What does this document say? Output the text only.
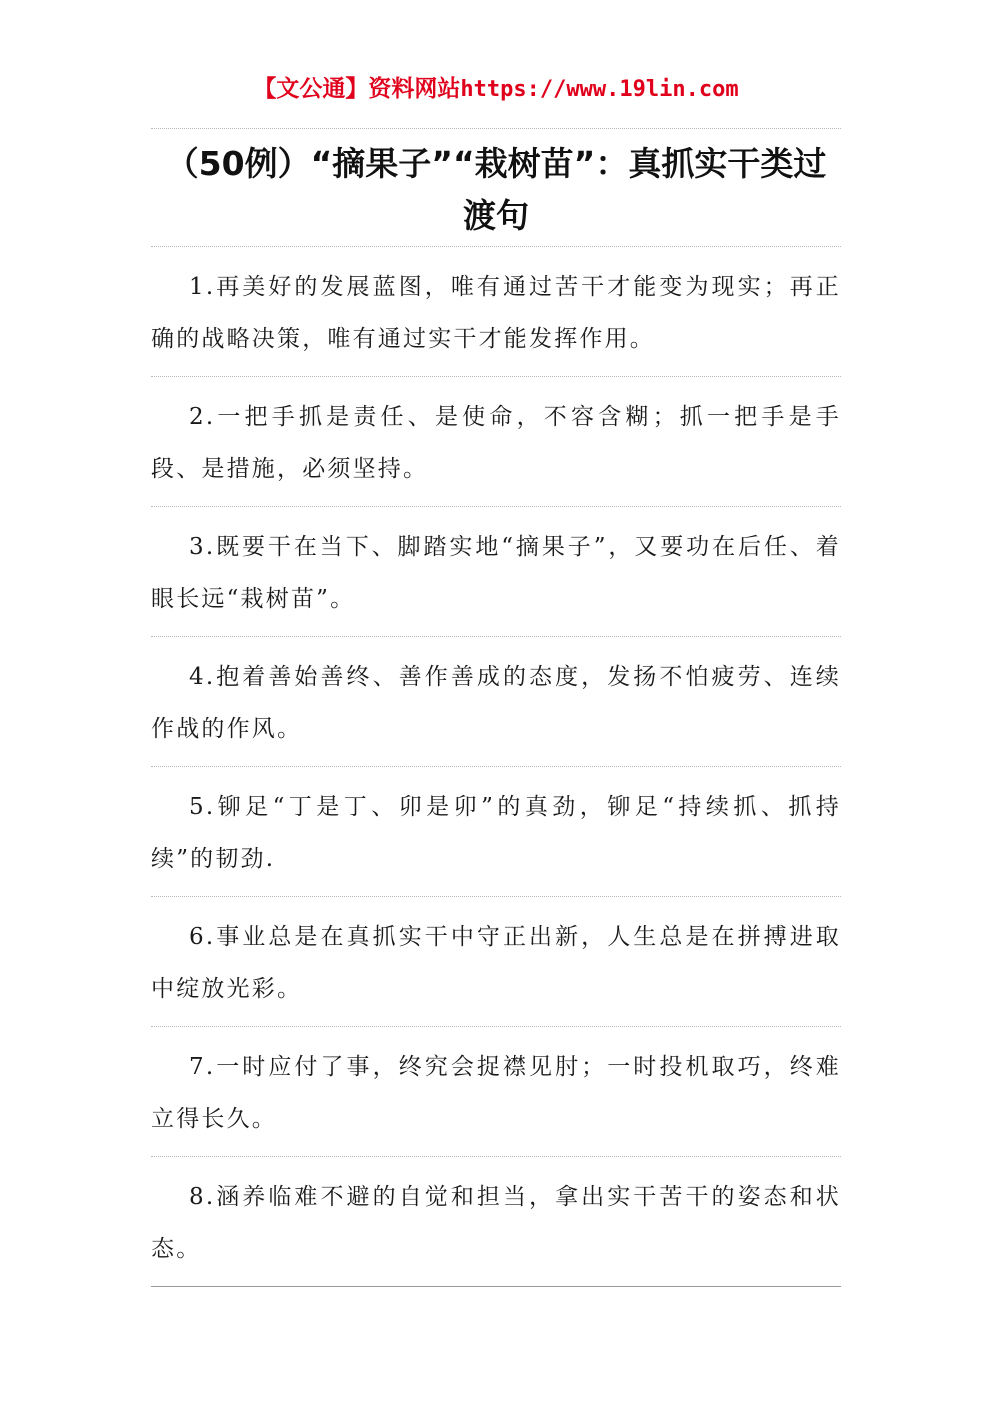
【文公通】资料网站https://www.19lin.com
（50例）“摘果子”“栽树苗”：真抓实干类过渡句

1.再美好的发展蓝图，唯有通过苦干才能变为现实；再正确的战略决策，唯有通过实干才能发挥作用。

2.一把手抓是责任、是使命，不容含糊；抓一把手是手段、是措施，必须坚持。

3.既要干在当下、脚踏实地“摘果子”，又要功在后任、着眼长远“栽树苗”。

4.抱着善始善终、善作善成的态度，发扬不怕疲劳、连续作战的作风。

5.铆足“丁是丁、卯是卯”的真劲，铆足“持续抓、抓持续”的韧劲.

6.事业总是在真抓实干中守正出新，人生总是在拼搏进取中绽放光彩。

7.一时应付了事，终究会捉襟见肘；一时投机取巧，终难立得长久。

8.涵养临难不避的自觉和担当，拿出实干苦干的姿态和状态。
